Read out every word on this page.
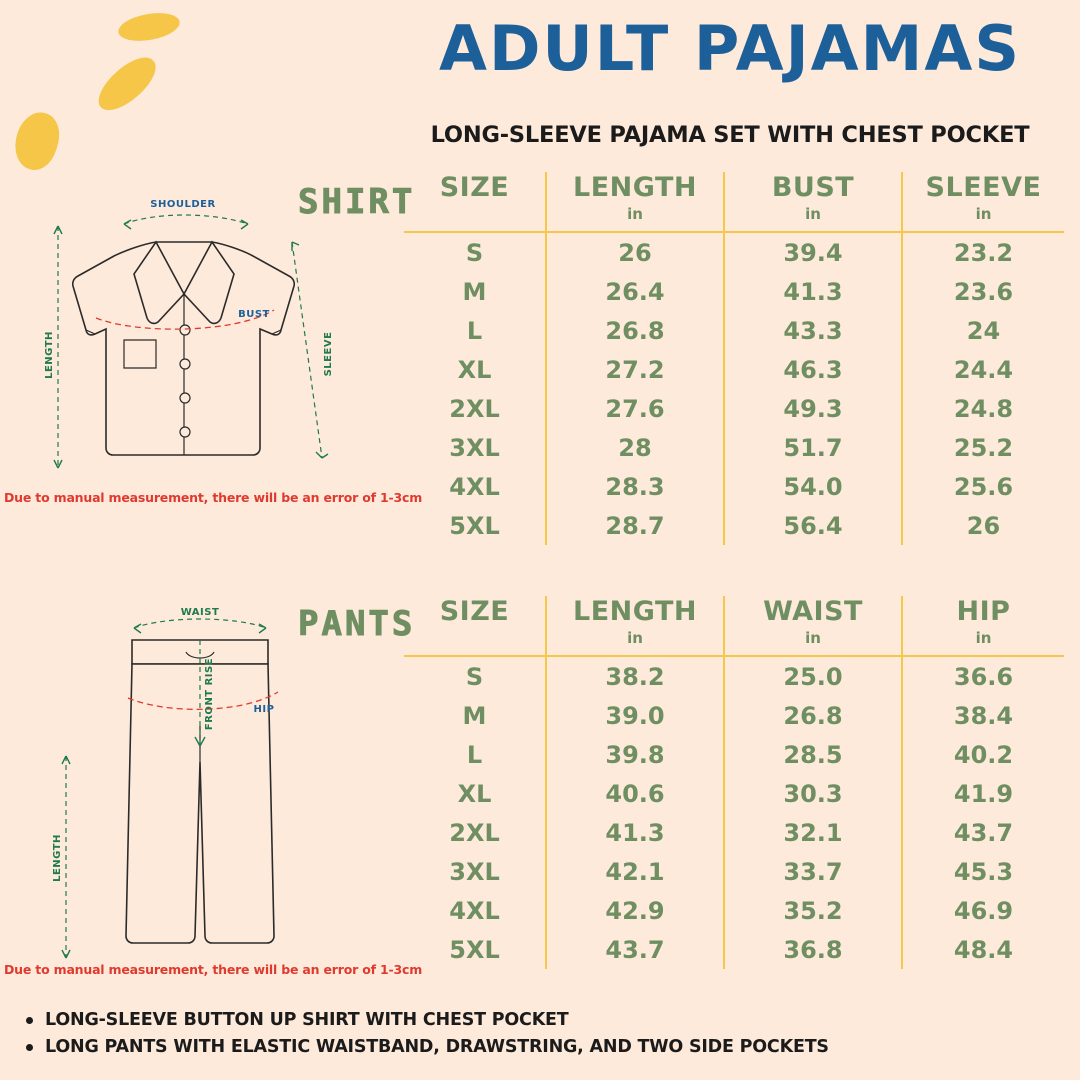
ADULT PAJAMAS
LONG-SLEEVE PAJAMA SET WITH CHEST POCKET
SHIRT
SHOULDER
LENGTH
BUST
SLEEVE
Due to manual measurement, there will be an error of 1-3cm
SIZE	LENGTH	BUST	SLEEVE
	in	in	in
S	26	39.4	23.2
M	26.4	41.3	23.6
L	26.8	43.3	24
XL	27.2	46.3	24.4
2XL	27.6	49.3	24.8
3XL	28	51.7	25.2
4XL	28.3	54.0	25.6
5XL	28.7	56.4	26
PANTS
WAIST
FRONT RISE	HIP
LENGTH
Due to manual measurement, there will be an error of 1-3cm
SIZE	LENGTH	WAIST	HIP
	in	in	in
S	38.2	25.0	36.6
M	39.0	26.8	38.4
L	39.8	28.5	40.2
XL	40.6	30.3	41.9
2XL	41.3	32.1	43.7
3XL	42.1	33.7	45.3
4XL	42.9	35.2	46.9
5XL	43.7	36.8	48.4
LONG-SLEEVE BUTTON UP SHIRT WITH CHEST POCKET
LONG PANTS WITH ELASTIC WAISTBAND, DRAWSTRING, AND TWO SIDE POCKETS
